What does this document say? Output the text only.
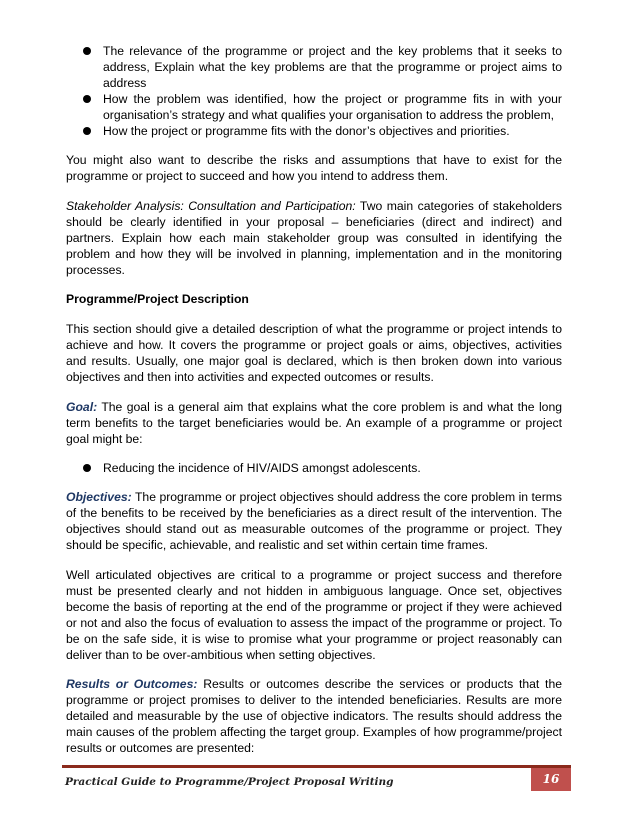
The relevance of the programme or project and the key problems that it seeks to address, Explain what the key problems are that the programme or project aims to address
How the problem was identified, how the project or programme fits in with your organisation’s strategy and what qualifies your organisation to address the problem,
How the project or programme fits with the donor’s objectives and priorities.

You might also want to describe the risks and assumptions that have to exist for the programme or project to succeed and how you intend to address them.

Stakeholder Analysis: Consultation and Participation: Two main categories of stakeholders should be clearly identified in your proposal – beneficiaries (direct and indirect) and partners. Explain how each main stakeholder group was consulted in identifying the problem and how they will be involved in planning, implementation and in the monitoring processes.

Programme/Project Description

This section should give a detailed description of what the programme or project intends to achieve and how. It covers the programme or project goals or aims, objectives, activities and results. Usually, one major goal is declared, which is then broken down into various objectives and then into activities and expected outcomes or results.

Goal: The goal is a general aim that explains what the core problem is and what the long term benefits to the target beneficiaries would be. An example of a programme or project goal might be:

Reducing the incidence of HIV/AIDS amongst adolescents.

Objectives: The programme or project objectives should address the core problem in terms of the benefits to be received by the beneficiaries as a direct result of the intervention. The objectives should stand out as measurable outcomes of the programme or project. They should be specific, achievable, and realistic and set within certain time frames.

Well articulated objectives are critical to a programme or project success and therefore must be presented clearly and not hidden in ambiguous language. Once set, objectives become the basis of reporting at the end of the programme or project if they were achieved or not and also the focus of evaluation to assess the impact of the programme or project. To be on the safe side, it is wise to promise what your programme or project reasonably can deliver than to be over-ambitious when setting objectives.

Results or Outcomes: Results or outcomes describe the services or products that the programme or project promises to deliver to the intended beneficiaries. Results are more detailed and measurable by the use of objective indicators. The results should address the main causes of the problem affecting the target group. Examples of how programme/project results or outcomes are presented:

Practical Guide to Programme/Project Proposal Writing	16
